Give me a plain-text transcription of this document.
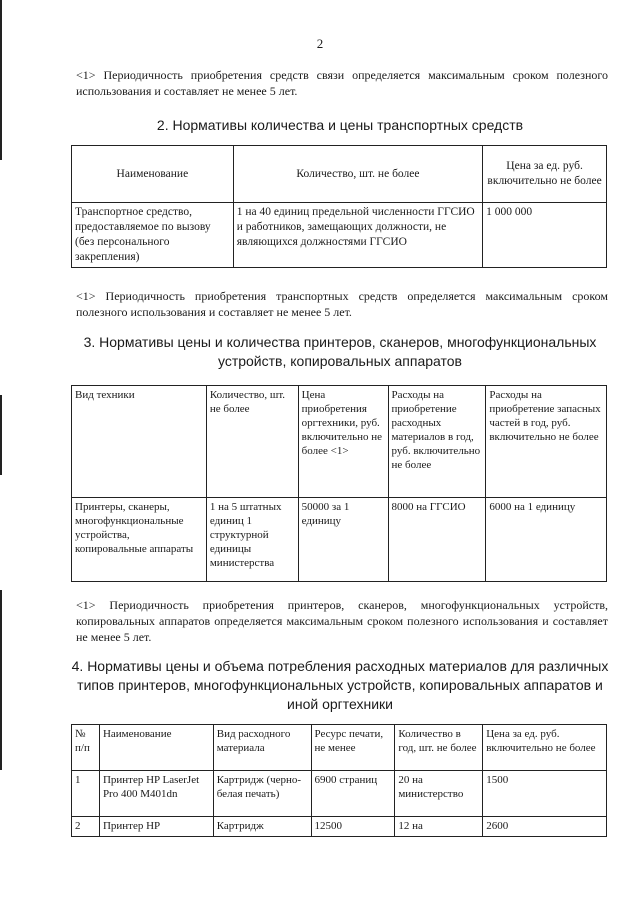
2
<1> Периодичность приобретения средств связи определяется максимальным сроком полезного использования и составляет не менее 5 лет.
2. Нормативы количества и цены транспортных средств
Наименование	Количество, шт. не более	Цена за ед. руб. включительно не более
Транспортное средство, предоставляемое по вызову (без персонального закрепления)	1 на 40 единиц предельной численности ГГСИО и работников, замещающих должности, не являющихся должностями ГГСИО	1 000 000
<1> Периодичность приобретения транспортных средств определяется максимальным сроком полезного использования и составляет не менее 5 лет.
3. Нормативы цены и количества принтеров, сканеров, многофункциональных устройств, копировальных аппаратов
Вид техники	Количество, шт. не более	Цена приобретения оргтехники, руб. включительно не более <1>	Расходы на приобретение расходных материалов в год, руб. включительно не более	Расходы на приобретение запасных частей в год, руб. включительно не более
Принтеры, сканеры, многофункциональные устройства, копировальные аппараты	1 на 5 штатных единиц 1 структурной единицы министерства	50000 за 1 единицу	8000 на ГГСИО	6000 на 1 единицу
<1> Периодичность приобретения принтеров, сканеров, многофункциональных устройств, копировальных аппаратов определяется максимальным сроком полезного использования и составляет не менее 5 лет.
4. Нормативы цены и объема потребления расходных материалов для различных типов принтеров, многофункциональных устройств, копировальных аппаратов и иной оргтехники
№ п/п	Наименование	Вид расходного материала	Ресурс печати, не менее	Количество в год, шт. не более	Цена за ед. руб. включительно не более
1	Принтер HP LaserJet Pro 400 M401dn	Картридж (черно-белая печать)	6900 страниц	20 на министерство	1500
2	Принтер HP	Картридж	12500	12 на	2600
